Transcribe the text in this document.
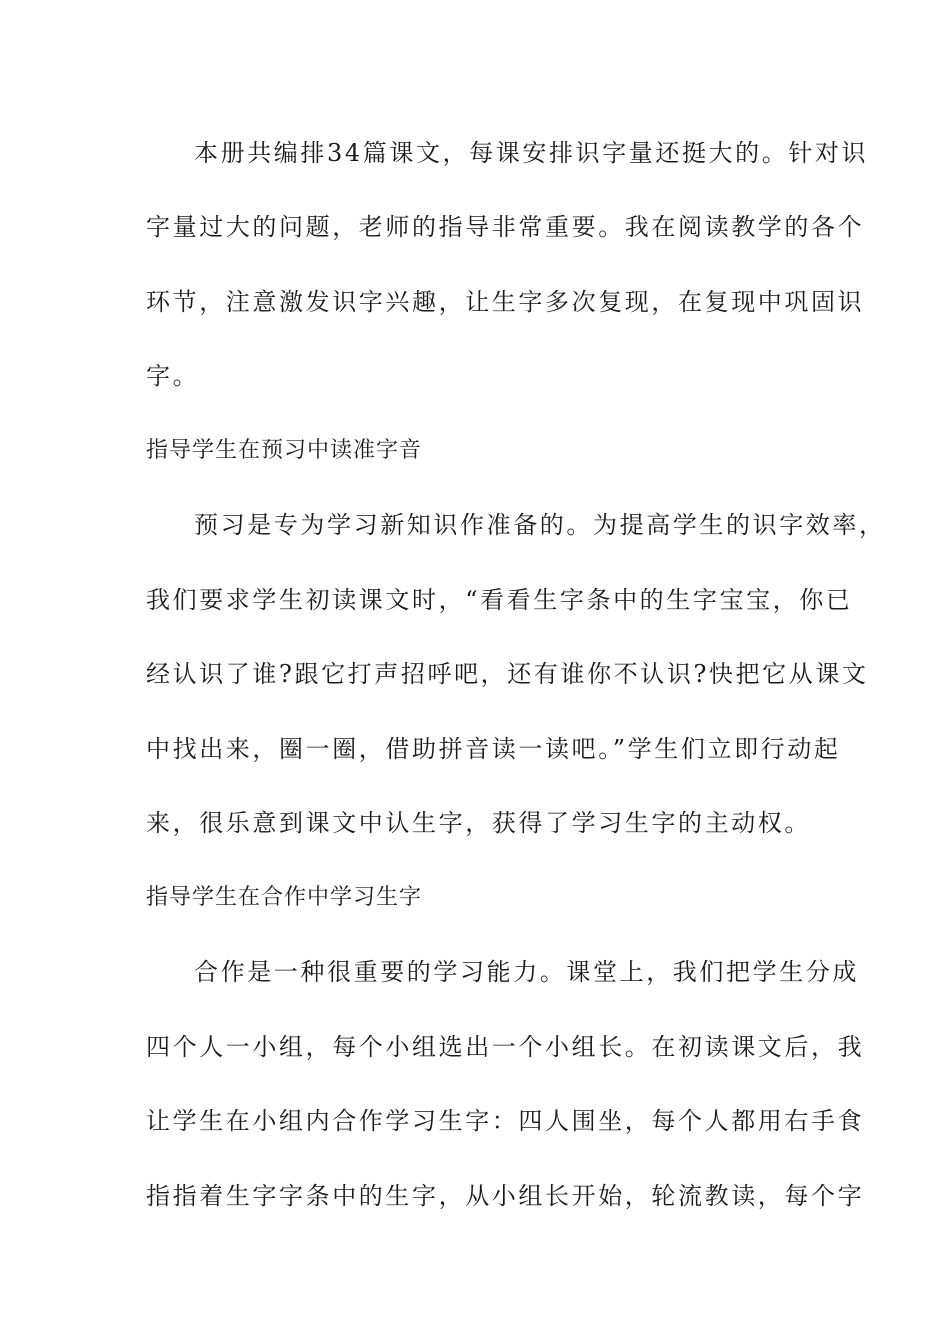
本册共编排34篇课文，每课安排识字量还挺大的。针对识
字量过大的问题，老师的指导非常重要。我在阅读教学的各个
环节，注意激发识字兴趣，让生字多次复现，在复现中巩固识
字。
指导学生在预习中读准字音
预习是专为学习新知识作准备的。为提高学生的识字效率，
我们要求学生初读课文时，“看看生字条中的生字宝宝，你已
经认识了谁?跟它打声招呼吧，还有谁你不认识?快把它从课文
中找出来，圈一圈，借助拼音读一读吧。”学生们立即行动起
来，很乐意到课文中认生字，获得了学习生字的主动权。
指导学生在合作中学习生字
合作是一种很重要的学习能力。课堂上，我们把学生分成
四个人一小组，每个小组选出一个小组长。在初读课文后，我
让学生在小组内合作学习生字：四人围坐，每个人都用右手食
指指着生字字条中的生字，从小组长开始，轮流教读，每个字
